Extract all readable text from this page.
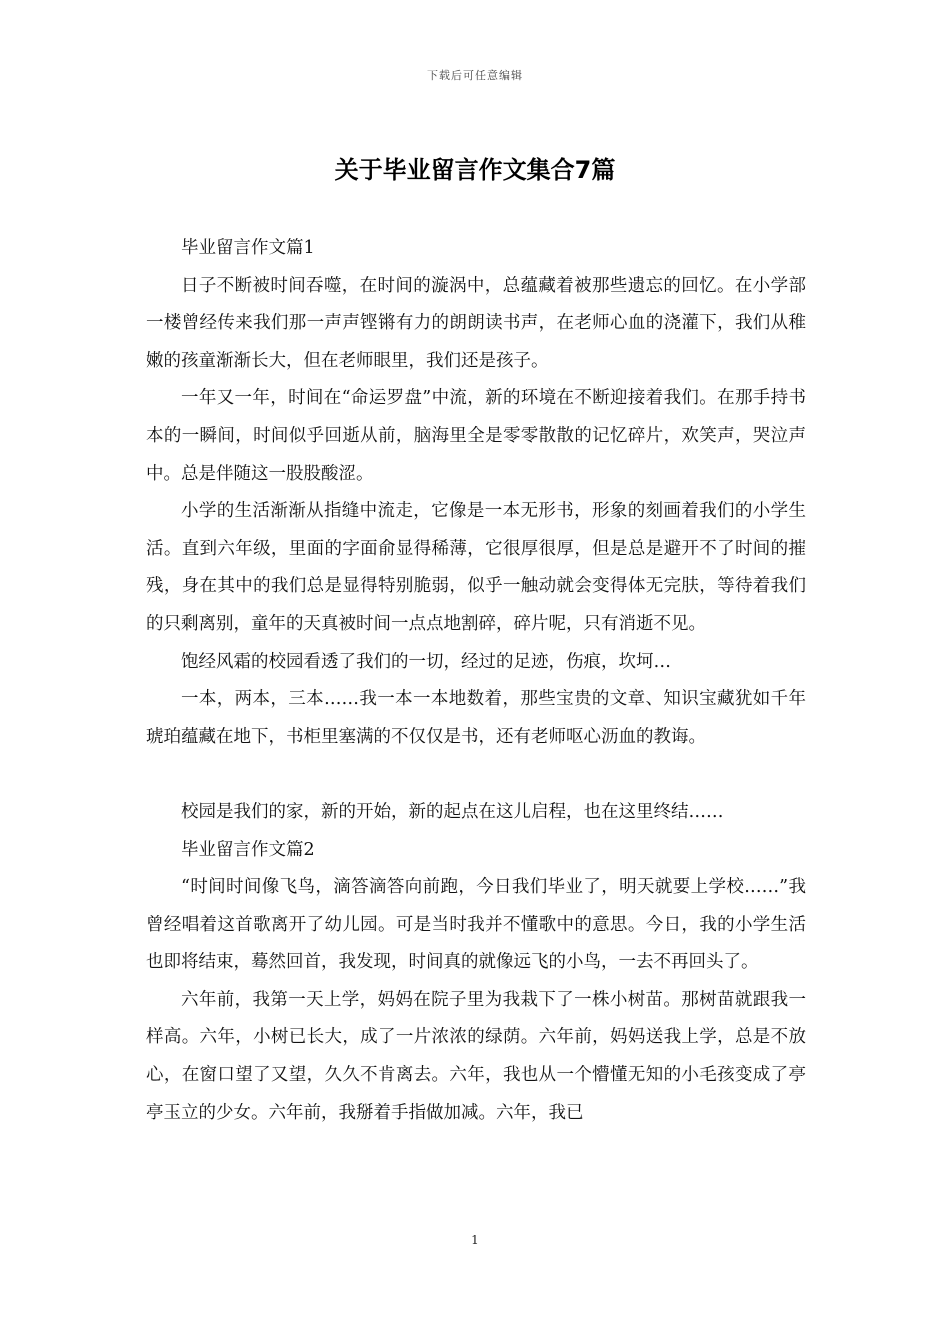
下载后可任意编辑
关于毕业留言作文集合7篇

毕业留言作文篇1

日子不断被时间吞噬，在时间的漩涡中，总蕴藏着被那些遗忘的回忆。在小学部一楼曾经传来我们那一声声铿锵有力的朗朗读书声，在老师心血的浇灌下，我们从稚嫩的孩童渐渐长大，但在老师眼里，我们还是孩子。

一年又一年，时间在“命运罗盘”中流，新的环境在不断迎接着我们。在那手持书本的一瞬间，时间似乎回逝从前，脑海里全是零零散散的记忆碎片，欢笑声，哭泣声中。总是伴随这一股股酸涩。

小学的生活渐渐从指缝中流走，它像是一本无形书，形象的刻画着我们的小学生活。直到六年级，里面的字面俞显得稀薄，它很厚很厚，但是总是避开不了时间的摧残，身在其中的我们总是显得特别脆弱，似乎一触动就会变得体无完肤，等待着我们的只剩离别，童年的天真被时间一点点地割碎，碎片呢，只有消逝不见。

饱经风霜的校园看透了我们的一切，经过的足迹，伤痕，坎坷…

一本，两本，三本……我一本一本地数着，那些宝贵的文章、知识宝藏犹如千年琥珀蕴藏在地下，书柜里塞满的不仅仅是书，还有老师呕心沥血的教诲。

校园是我们的家，新的开始，新的起点在这儿启程，也在这里终结……

毕业留言作文篇2

“时间时间像飞鸟，滴答滴答向前跑，今日我们毕业了，明天就要上学校……”我曾经唱着这首歌离开了幼儿园。可是当时我并不懂歌中的意思。今日，我的小学生活也即将结束，蓦然回首，我发现，时间真的就像远飞的小鸟，一去不再回头了。

六年前，我第一天上学，妈妈在院子里为我栽下了一株小树苗。那树苗就跟我一样高。六年，小树已长大，成了一片浓浓的绿荫。六年前，妈妈送我上学，总是不放心，在窗口望了又望，久久不肯离去。六年，我也从一个懵懂无知的小毛孩变成了亭亭玉立的少女。六年前，我掰着手指做加减。六年，我已

1
